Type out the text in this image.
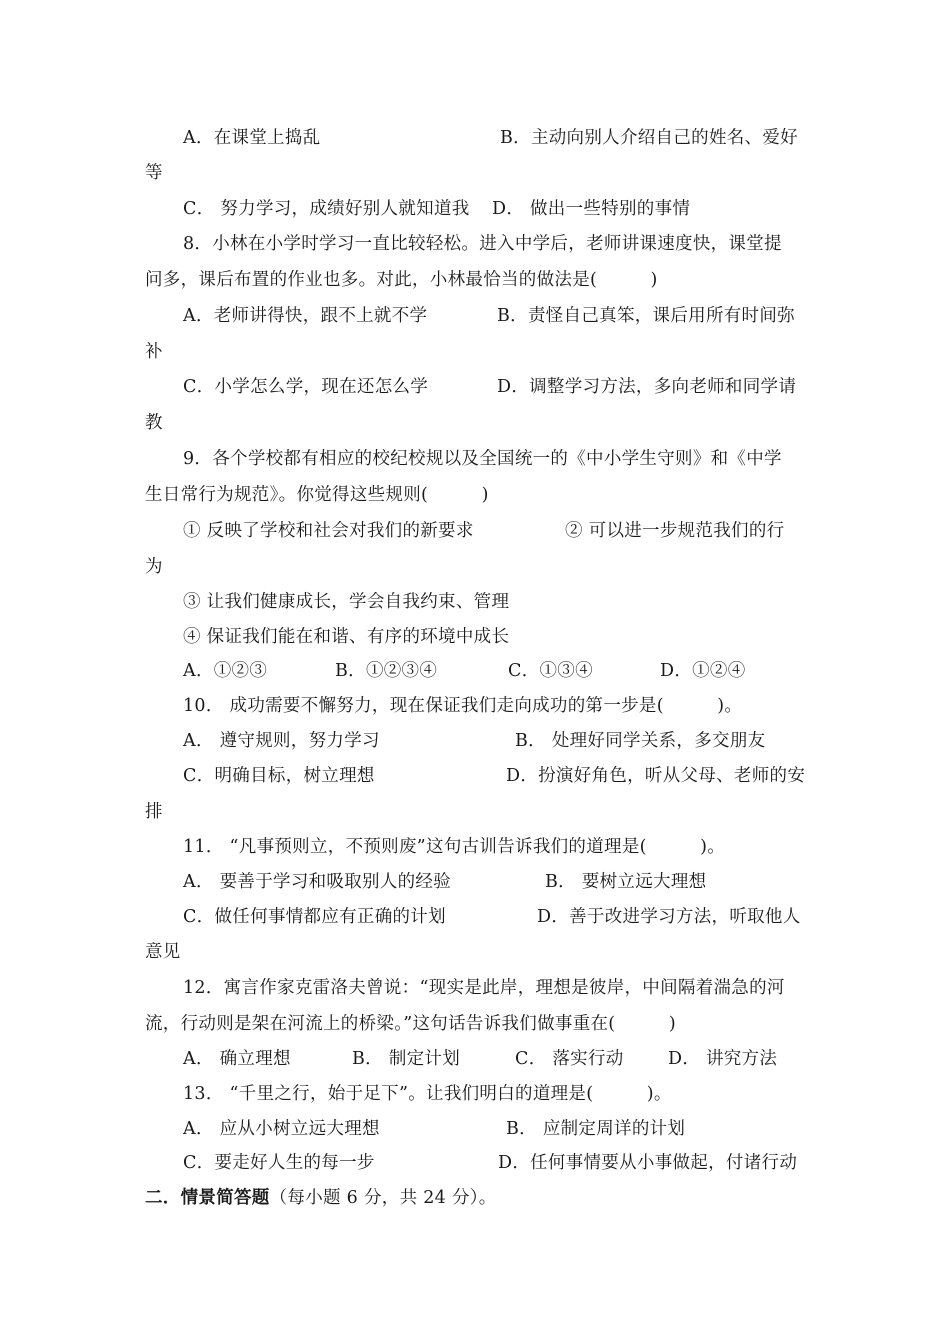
A．在课堂上捣乱	B．主动向别人介绍自己的姓名、爱好
等
C． 努力学习，成绩好别人就知道我 D． 做出一些特别的事情
8．小林在小学时学习一直比较轻松。进入中学后，老师讲课速度快，课堂提
问多，课后布置的作业也多。对此，小林最恰当的做法是(　　　)
A．老师讲得快，跟不上就不学	B．责怪自己真笨，课后用所有时间弥
补
C．小学怎么学，现在还怎么学	D．调整学习方法，多向老师和同学请
教
9．各个学校都有相应的校纪校规以及全国统一的《中小学生守则》和《中学
生日常行为规范》。你觉得这些规则(　　　)
① 反映了学校和社会对我们的新要求	② 可以进一步规范我们的行
为
③ 让我们健康成长，学会自我约束、管理
④ 保证我们能在和谐、有序的环境中成长
A．①②③	B．①②③④	C．①③④	D．①②④
10． 成功需要不懈努力，现在保证我们走向成功的第一步是(　　　)。
A． 遵守规则，努力学习	B． 处理好同学关系，多交朋友
C．明确目标，树立理想	D．扮演好角色，听从父母、老师的安
排
11． “凡事预则立，不预则废”这句古训告诉我们的道理是(　　　)。
A． 要善于学习和吸取别人的经验	B． 要树立远大理想
C．做任何事情都应有正确的计划	D．善于改进学习方法，听取他人
意见
12．寓言作家克雷洛夫曾说：“现实是此岸，理想是彼岸，中间隔着湍急的河
流，行动则是架在河流上的桥梁。”这句话告诉我们做事重在(　　　)
A． 确立理想	B． 制定计划	C． 落实行动	D． 讲究方法
13． “千里之行，始于足下”。让我们明白的道理是(　　　)。
A． 应从小树立远大理想	B． 应制定周详的计划
C．要走好人生的每一步	D．任何事情要从小事做起，付诸行动
二．情景简答题（每小题 6 分，共 24 分）。
